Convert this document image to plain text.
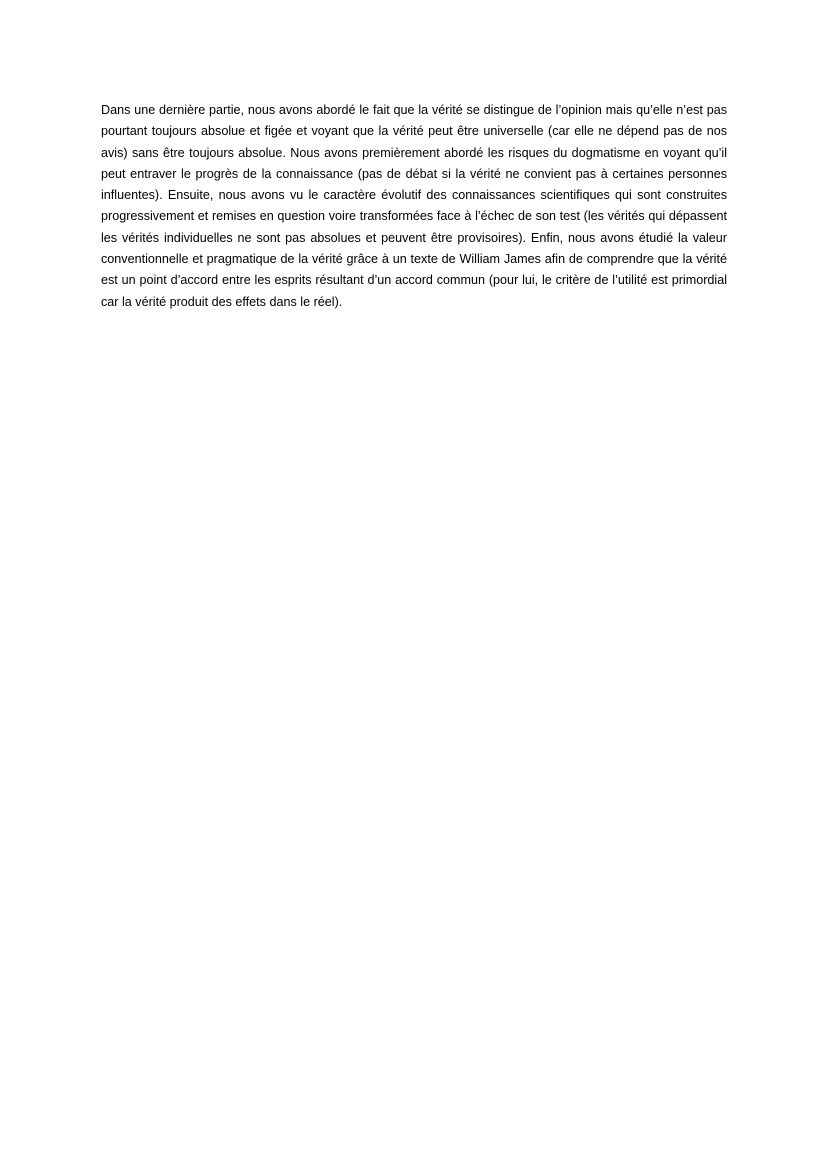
Dans une dernière partie, nous avons abordé le fait que la vérité se distingue de l’opinion mais qu’elle n’est pas pourtant toujours absolue et figée et voyant que la vérité peut être universelle (car elle ne dépend pas de nos avis) sans être toujours absolue. Nous avons premièrement abordé les risques du dogmatisme en voyant qu’il peut entraver le progrès de la connaissance (pas de débat si la vérité ne convient pas à certaines personnes influentes). Ensuite, nous avons vu le caractère évolutif des connaissances scientifiques qui sont construites progressivement et remises en question voire transformées face à l’échec de son test (les vérités qui dépassent les vérités individuelles ne sont pas absolues et peuvent être provisoires). Enfin, nous avons étudié la valeur conventionnelle et pragmatique de la vérité grâce à un texte de William James afin de comprendre que la vérité est un point d’accord entre les esprits résultant d’un accord commun (pour lui, le critère de l’utilité est primordial car la vérité produit des effets dans le réel).
